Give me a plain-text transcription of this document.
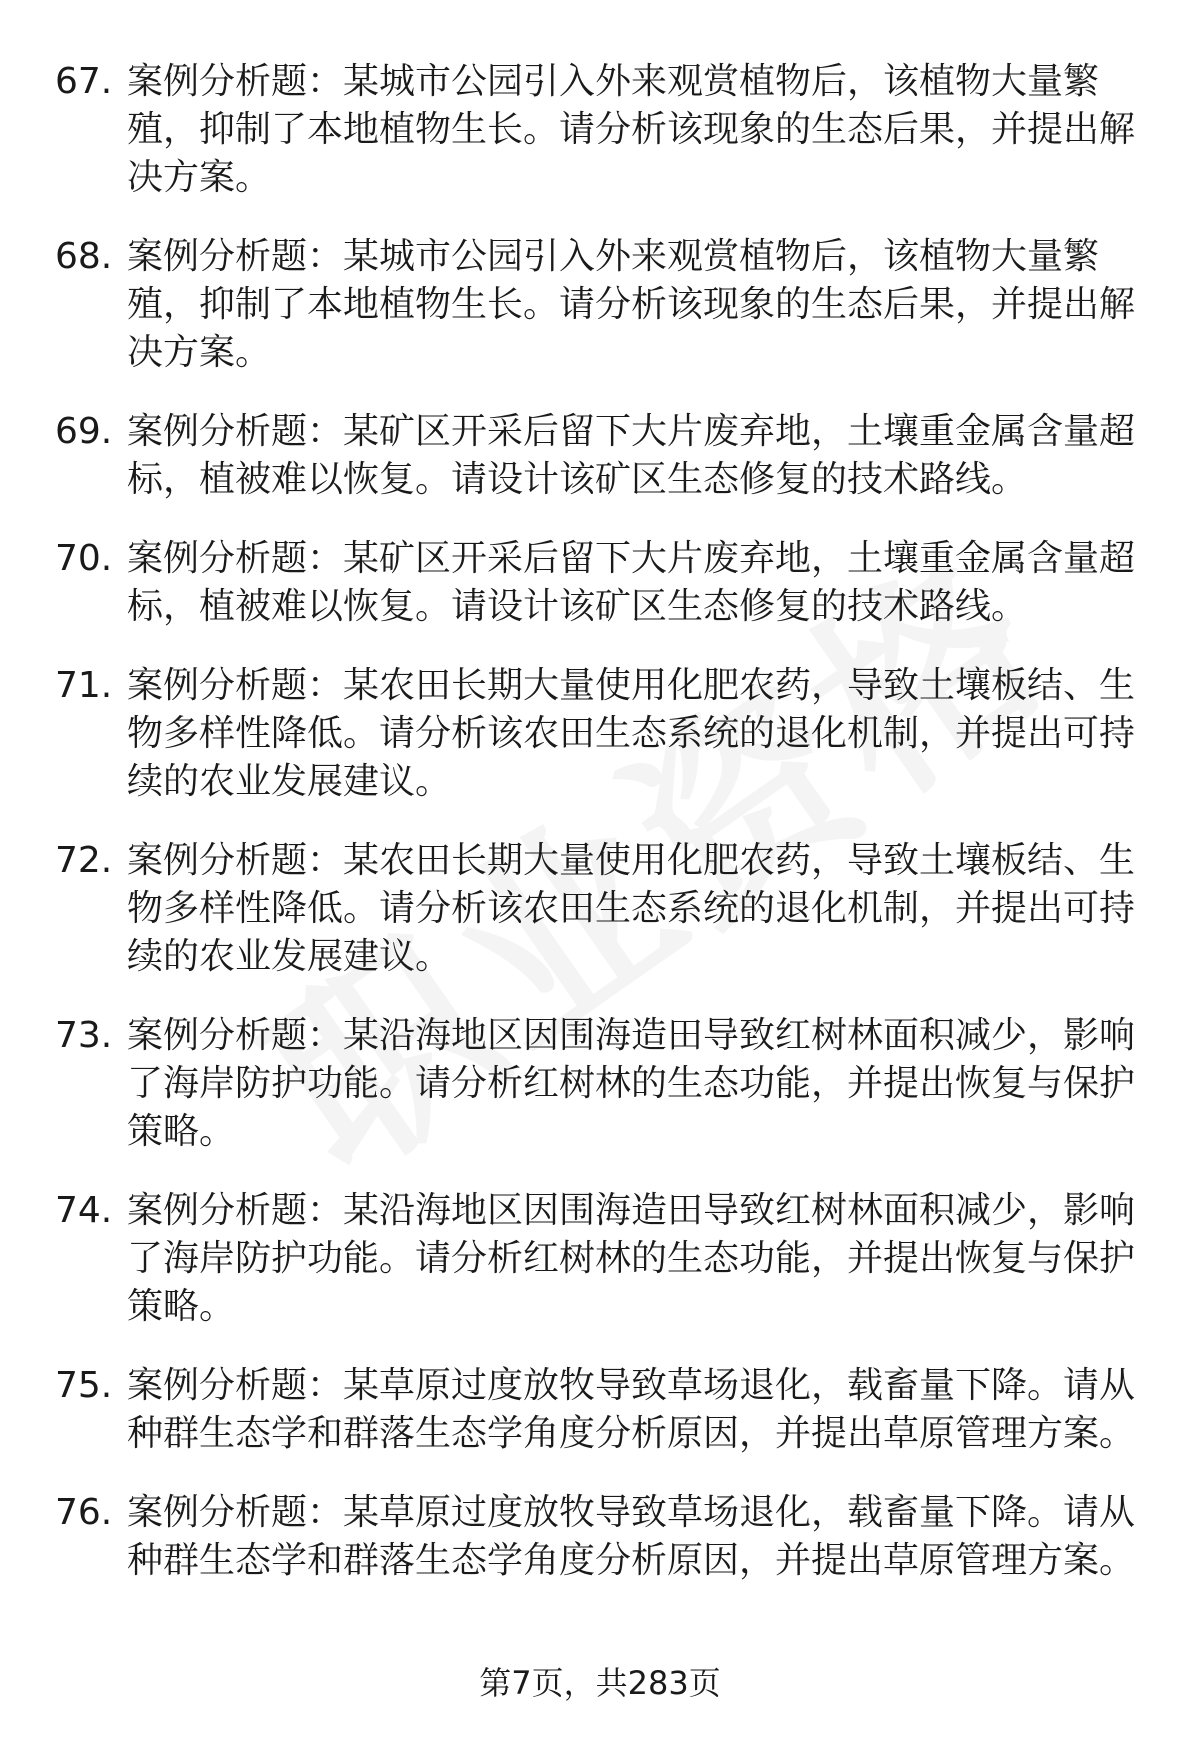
67. 案例分析题：某城市公园引入外来观赏植物后，该植物大量繁殖，抑制了本地植物生长。请分析该现象的生态后果，并提出解决方案。
68. 案例分析题：某城市公园引入外来观赏植物后，该植物大量繁殖，抑制了本地植物生长。请分析该现象的生态后果，并提出解决方案。
69. 案例分析题：某矿区开采后留下大片废弃地，土壤重金属含量超标，植被难以恢复。请设计该矿区生态修复的技术路线。
70. 案例分析题：某矿区开采后留下大片废弃地，土壤重金属含量超标，植被难以恢复。请设计该矿区生态修复的技术路线。
71. 案例分析题：某农田长期大量使用化肥农药，导致土壤板结、生物多样性降低。请分析该农田生态系统的退化机制，并提出可持续的农业发展建议。
72. 案例分析题：某农田长期大量使用化肥农药，导致土壤板结、生物多样性降低。请分析该农田生态系统的退化机制，并提出可持续的农业发展建议。
73. 案例分析题：某沿海地区因围海造田导致红树林面积减少，影响了海岸防护功能。请分析红树林的生态功能，并提出恢复与保护策略。
74. 案例分析题：某沿海地区因围海造田导致红树林面积减少，影响了海岸防护功能。请分析红树林的生态功能，并提出恢复与保护策略。
75. 案例分析题：某草原过度放牧导致草场退化，载畜量下降。请从种群生态学和群落生态学角度分析原因，并提出草原管理方案。
76. 案例分析题：某草原过度放牧导致草场退化，载畜量下降。请从种群生态学和群落生态学角度分析原因，并提出草原管理方案。
第7页，共283页
